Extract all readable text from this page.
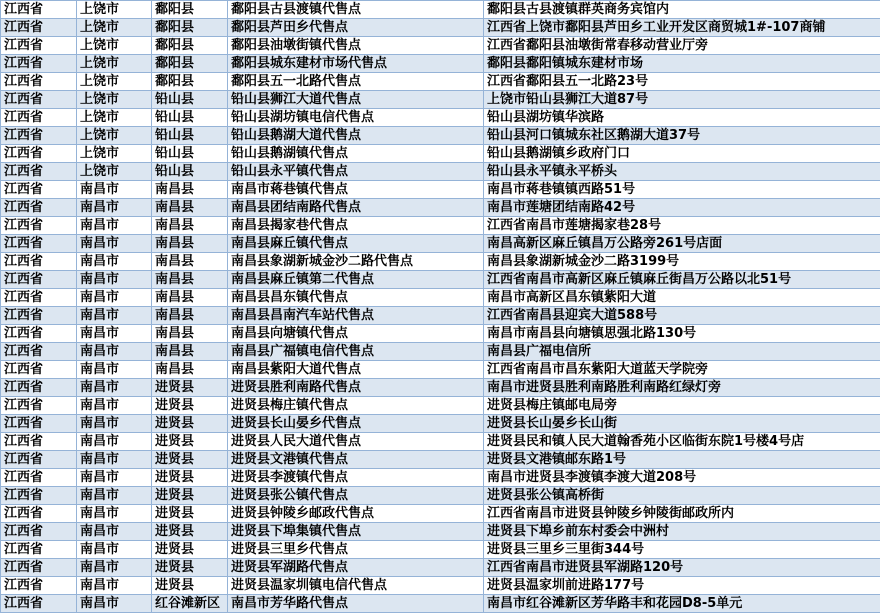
江西省	上饶市	鄱阳县	鄱阳县古县渡镇代售点	鄱阳县古县渡镇群英商务宾馆内
江西省	上饶市	鄱阳县	鄱阳县芦田乡代售点	江西省上饶市鄱阳县芦田乡工业开发区商贸城1#-107商铺
江西省	上饶市	鄱阳县	鄱阳县油墩街镇代售点	江西省鄱阳县油墩街常春移动营业厅旁
江西省	上饶市	鄱阳县	鄱阳县城东建材市场代售点	鄱阳县鄱阳镇城东建材市场
江西省	上饶市	鄱阳县	鄱阳县五一北路代售点	江西省鄱阳县五一北路23号
江西省	上饶市	铅山县	铅山县狮江大道代售点	上饶市铅山县狮江大道87号
江西省	上饶市	铅山县	铅山县湖坊镇电信代售点	铅山县湖坊镇华滨路
江西省	上饶市	铅山县	铅山县鹅湖大道代售点	铅山县河口镇城东社区鹅湖大道37号
江西省	上饶市	铅山县	铅山县鹅湖镇代售点	铅山县鹅湖镇乡政府门口
江西省	上饶市	铅山县	铅山县永平镇代售点	铅山县永平镇永平桥头
江西省	南昌市	南昌县	南昌市蒋巷镇代售点	南昌市蒋巷镇镇西路51号
江西省	南昌市	南昌县	南昌县团结南路代售点	南昌市莲塘团结南路42号
江西省	南昌市	南昌县	南昌县揭家巷代售点	江西省南昌市莲塘揭家巷28号
江西省	南昌市	南昌县	南昌县麻丘镇代售点	南昌高新区麻丘镇昌万公路旁261号店面
江西省	南昌市	南昌县	南昌县象湖新城金沙二路代售点	南昌县象湖新城金沙二路3199号
江西省	南昌市	南昌县	南昌县麻丘镇第二代售点	江西省南昌市高新区麻丘镇麻丘街昌万公路以北51号
江西省	南昌市	南昌县	南昌县昌东镇代售点	南昌市高新区昌东镇紫阳大道
江西省	南昌市	南昌县	南昌县昌南汽车站代售点	江西省南昌县迎宾大道588号
江西省	南昌市	南昌县	南昌县向塘镇代售点	南昌市南昌县向塘镇思强北路130号
江西省	南昌市	南昌县	南昌县广福镇电信代售点	南昌县广福电信所
江西省	南昌市	南昌县	南昌县紫阳大道代售点	江西省南昌市昌东紫阳大道蓝天学院旁
江西省	南昌市	进贤县	进贤县胜利南路代售点	南昌市进贤县胜利南路胜利南路红绿灯旁
江西省	南昌市	进贤县	进贤县梅庄镇代售点	进贤县梅庄镇邮电局旁
江西省	南昌市	进贤县	进贤县长山晏乡代售点	进贤县长山晏乡长山街
江西省	南昌市	进贤县	进贤县人民大道代售点	进贤县民和镇人民大道翰香苑小区临街东院1号楼4号店
江西省	南昌市	进贤县	进贤县文港镇代售点	进贤县文港镇邮东路1号
江西省	南昌市	进贤县	进贤县李渡镇代售点	南昌市进贤县李渡镇李渡大道208号
江西省	南昌市	进贤县	进贤县张公镇代售点	进贤县张公镇高桥街
江西省	南昌市	进贤县	进贤县钟陵乡邮政代售点	江西省南昌市进贤县钟陵乡钟陵街邮政所内
江西省	南昌市	进贤县	进贤县下埠集镇代售点	进贤县下埠乡前东村委会中洲村
江西省	南昌市	进贤县	进贤县三里乡代售点	进贤县三里乡三里街344号
江西省	南昌市	进贤县	进贤县军湖路代售点	江西省南昌市进贤县军湖路120号
江西省	南昌市	进贤县	进贤县温家圳镇电信代售点	进贤县温家圳前进路177号
江西省	南昌市	红谷滩新区	南昌市芳华路代售点	南昌市红谷滩新区芳华路丰和花园D8-5单元
